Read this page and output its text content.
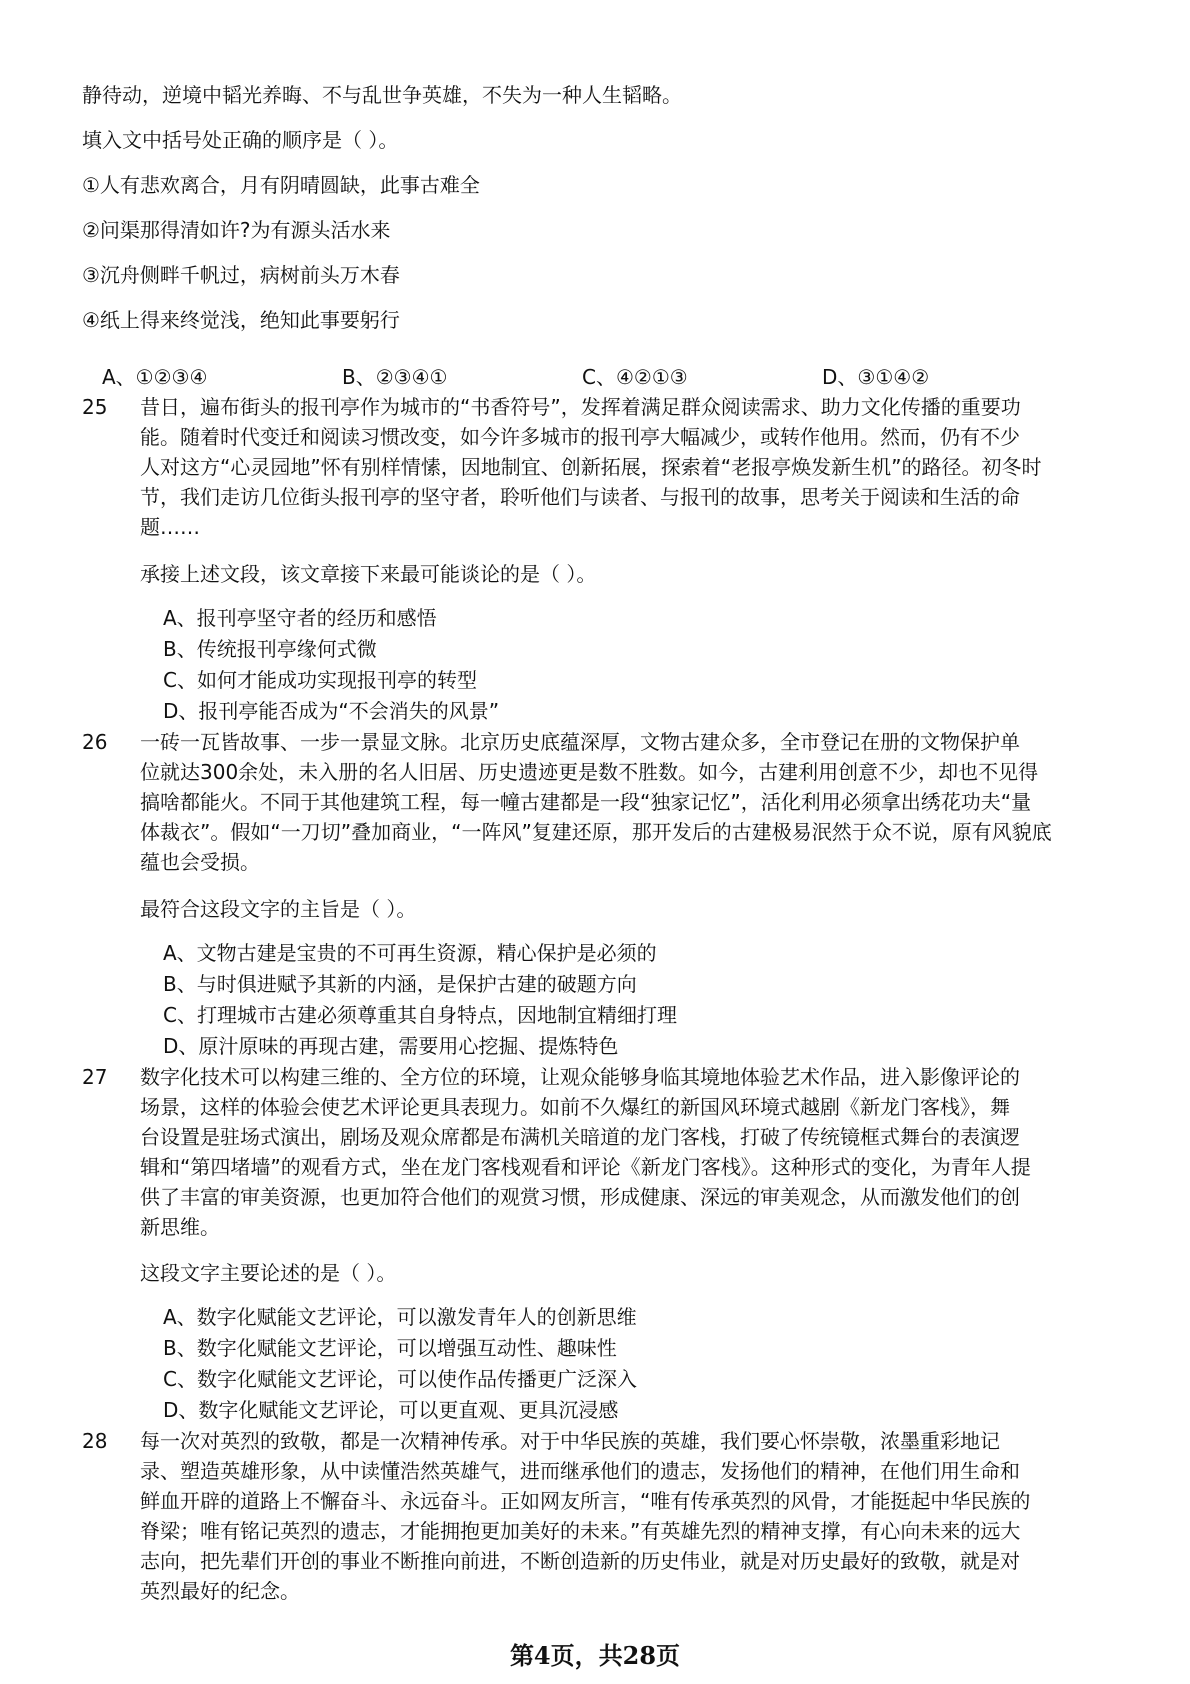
静待动，逆境中韬光养晦、不与乱世争英雄，不失为一种人生韬略。
填入文中括号处正确的顺序是（ ）。
①人有悲欢离合，月有阴晴圆缺，此事古难全
②问渠那得清如许?为有源头活水来
③沉舟侧畔千帆过，病树前头万木春
④纸上得来终觉浅，绝知此事要躬行
A、①②③④	B、②③④①	C、④②①③	D、③①④②
25 昔日，遍布街头的报刊亭作为城市的“书香符号”，发挥着满足群众阅读需求、助力文化传播的重要功
能。随着时代变迁和阅读习惯改变，如今许多城市的报刊亭大幅减少，或转作他用。然而，仍有不少
人对这方“心灵园地”怀有别样情愫，因地制宜、创新拓展，探索着“老报亭焕发新生机”的路径。初冬时
节，我们走访几位街头报刊亭的坚守者，聆听他们与读者、与报刊的故事，思考关于阅读和生活的命
题……
承接上述文段，该文章接下来最可能谈论的是（ ）。
A、报刊亭坚守者的经历和感悟
B、传统报刊亭缘何式微
C、如何才能成功实现报刊亭的转型
D、报刊亭能否成为“不会消失的风景”
26 一砖一瓦皆故事、一步一景显文脉。北京历史底蕴深厚，文物古建众多，全市登记在册的文物保护单
位就达300余处，未入册的名人旧居、历史遗迹更是数不胜数。如今，古建利用创意不少，却也不见得
搞啥都能火。不同于其他建筑工程，每一幢古建都是一段“独家记忆”，活化利用必须拿出绣花功夫“量
体裁衣”。假如“一刀切”叠加商业，“一阵风”复建还原，那开发后的古建极易泯然于众不说，原有风貌底
蕴也会受损。
最符合这段文字的主旨是（ ）。
A、文物古建是宝贵的不可再生资源，精心保护是必须的
B、与时俱进赋予其新的内涵，是保护古建的破题方向
C、打理城市古建必须尊重其自身特点，因地制宜精细打理
D、原汁原味的再现古建，需要用心挖掘、提炼特色
27 数字化技术可以构建三维的、全方位的环境，让观众能够身临其境地体验艺术作品，进入影像评论的
场景，这样的体验会使艺术评论更具表现力。如前不久爆红的新国风环境式越剧《新龙门客栈》，舞
台设置是驻场式演出，剧场及观众席都是布满机关暗道的龙门客栈，打破了传统镜框式舞台的表演逻
辑和“第四堵墙”的观看方式，坐在龙门客栈观看和评论《新龙门客栈》。这种形式的变化，为青年人提
供了丰富的审美资源，也更加符合他们的观赏习惯，形成健康、深远的审美观念，从而激发他们的创
新思维。
这段文字主要论述的是（ ）。
A、数字化赋能文艺评论，可以激发青年人的创新思维
B、数字化赋能文艺评论，可以增强互动性、趣味性
C、数字化赋能文艺评论，可以使作品传播更广泛深入
D、数字化赋能文艺评论，可以更直观、更具沉浸感
28 每一次对英烈的致敬，都是一次精神传承。对于中华民族的英雄，我们要心怀崇敬，浓墨重彩地记
录、塑造英雄形象，从中读懂浩然英雄气，进而继承他们的遗志，发扬他们的精神，在他们用生命和
鲜血开辟的道路上不懈奋斗、永远奋斗。正如网友所言，“唯有传承英烈的风骨，才能挺起中华民族的
脊梁；唯有铭记英烈的遗志，才能拥抱更加美好的未来。”有英雄先烈的精神支撑，有心向未来的远大
志向，把先辈们开创的事业不断推向前进，不断创造新的历史伟业，就是对历史最好的致敬，就是对
英烈最好的纪念。
第4页，共28页
